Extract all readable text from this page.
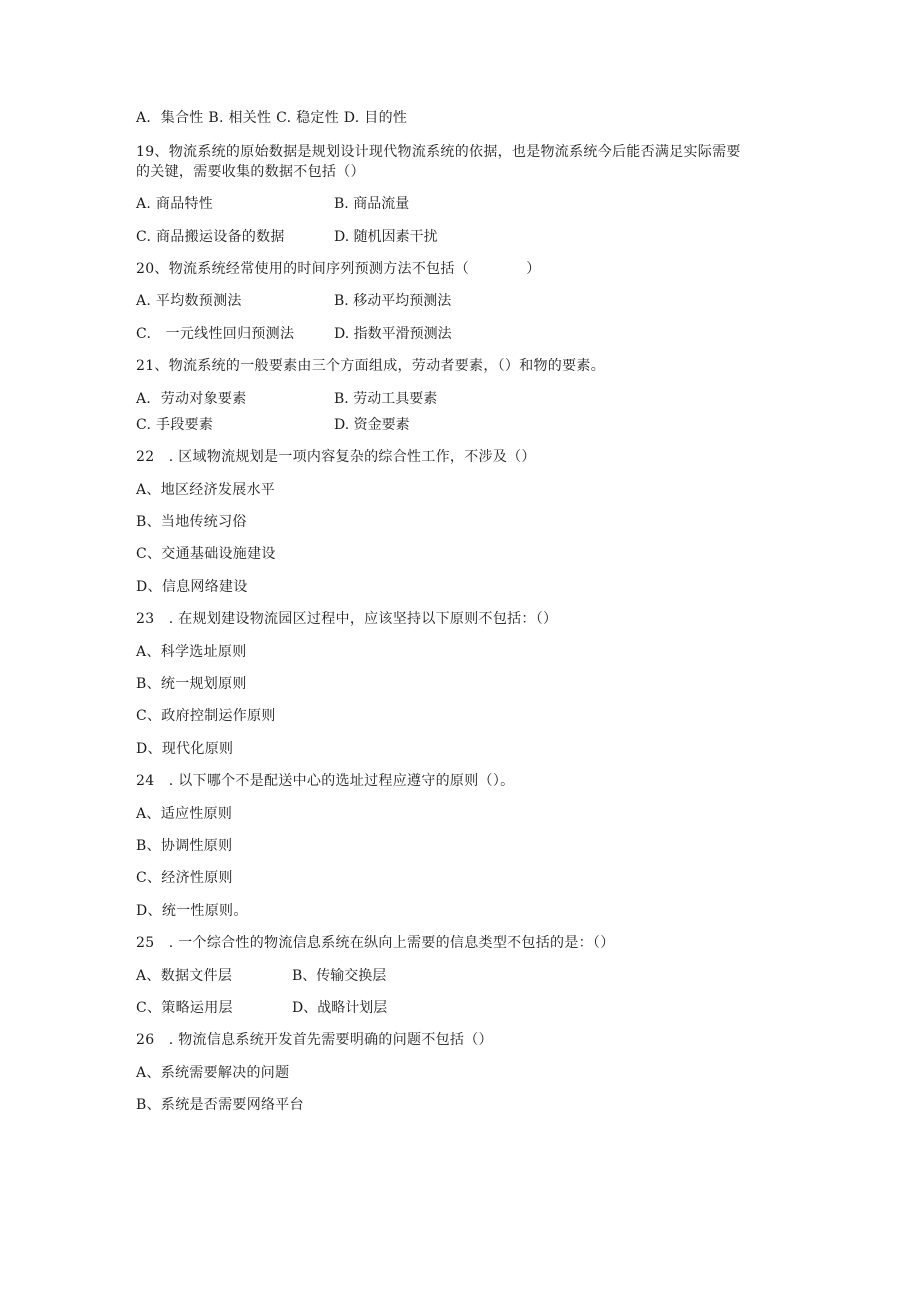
A．集合性 B. 相关性 C. 稳定性 D. 目的性
19、物流系统的原始数据是规划设计现代物流系统的依据，也是物流系统今后能否满足实际需要
的关键，需要收集的数据不包括（）
A. 商品特性	B. 商品流量
C. 商品搬运设备的数据	D. 随机因素干扰
20、物流系统经常使用的时间序列预测方法不包括（　　　　）
A. 平均数预测法	B. 移动平均预测法
C.　一元线性回归预测法	D. 指数平滑预测法
21、物流系统的一般要素由三个方面组成，劳动者要素，（）和物的要素。
A．劳动对象要素	B. 劳动工具要素
C. 手段要素	D. 资金要素
22　. 区域物流规划是一项内容复杂的综合性工作，不涉及（）
A、地区经济发展水平
B、当地传统习俗
C、交通基础设施建设
D、信息网络建设
23　. 在规划建设物流园区过程中，应该坚持以下原则不包括：（）
A、科学选址原则
B、统一规划原则
C、政府控制运作原则
D、现代化原则
24　. 以下哪个不是配送中心的选址过程应遵守的原则（）。
A、适应性原则
B、协调性原则
C、经济性原则
D、统一性原则。
25　. 一个综合性的物流信息系统在纵向上需要的信息类型不包括的是：（）
A、数据文件层	B、传输交换层
C、策略运用层	D、战略计划层
26　. 物流信息系统开发首先需要明确的问题不包括（）
A、系统需要解决的问题
B、系统是否需要网络平台
